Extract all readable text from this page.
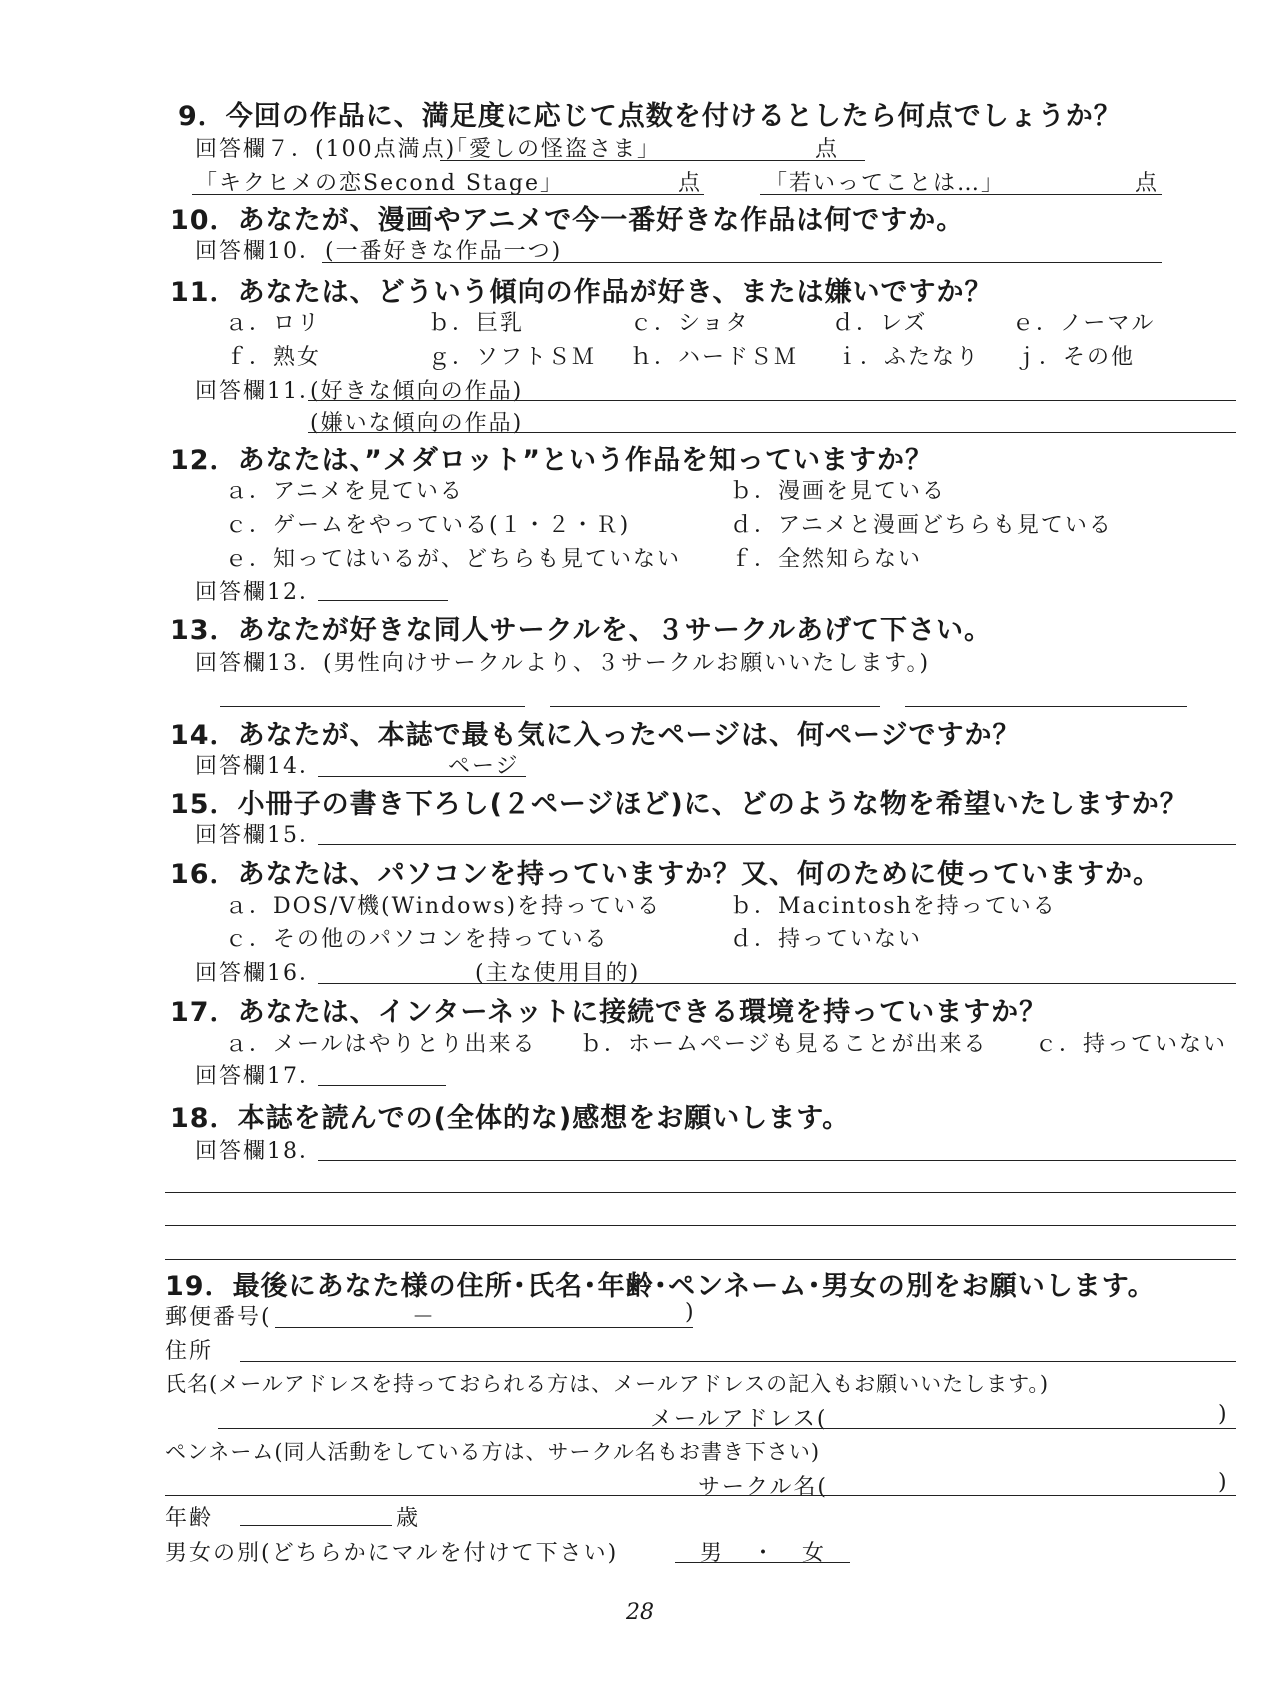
9．今回の作品に、満足度に応じて点数を付けるとしたら何点でしょうか？
回答欄７．(100点満点)
「愛しの怪盗さま」	点
「キクヒメの恋Second Stage」	点	「若いってことは…」	点
10．あなたが、漫画やアニメで今一番好きな作品は何ですか。
回答欄10． (一番好きな作品一つ)
11．あなたは、どういう傾向の作品が好き、または嫌いですか？
ａ．ロリ	ｂ．巨乳	ｃ．ショタ	ｄ．レズ	ｅ．ノーマル
ｆ．熟女	ｇ．ソフトＳＭ ｈ．ハードＳＭ ｉ．ふたなり ｊ．その他
回答欄11．
(好きな傾向の作品)
(嫌いな傾向の作品)
12．あなたは、”メダロット”という作品を知っていますか？
ａ．アニメを見ている	ｂ．漫画を見ている
ｃ．ゲームをやっている(１・２・Ｒ)	ｄ．アニメと漫画どちらも見ている
ｅ．知ってはいるが、どちらも見ていない ｆ．全然知らない
回答欄12．
13．あなたが好きな同人サークルを、３サークルあげて下さい。
回答欄13．(男性向けサークルより、３サークルお願いいたします。)
14．あなたが、本誌で最も気に入ったページは、何ページですか？
回答欄14．	ページ
15．小冊子の書き下ろし(２ページほど)に、どのような物を希望いたしますか？
回答欄15．
16．あなたは、パソコンを持っていますか？又、何のために使っていますか。
ａ．DOS/V機(Windows)を持っている	ｂ．Macintoshを持っている
ｃ．その他のパソコンを持っている	ｄ．持っていない
回答欄16．	(主な使用目的)
17．あなたは、インターネットに接続できる環境を持っていますか？
ａ．メールはやりとり出来る ｂ．ホームページも見ることが出来る ｃ．持っていない
回答欄17．
18．本誌を読んでの(全体的な)感想をお願いします。
回答欄18．
19．最後にあなた様の住所･氏名･年齢･ペンネーム･男女の別をお願いします。
郵便番号(	－	)
住所
氏名(メールアドレスを持っておられる方は、メールアドレスの記入もお願いいたします。)
メールアドレス(	)
ペンネーム(同人活動をしている方は、サークル名もお書き下さい)
サークル名(	)
年齢	歳
男女の別(どちらかにマルを付けて下さい)	男 ・ 女
28
